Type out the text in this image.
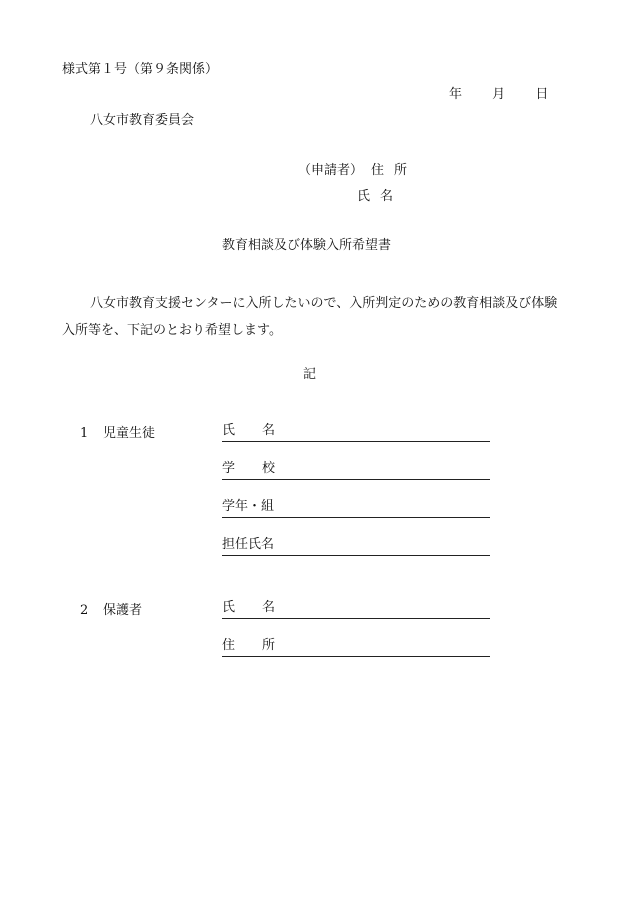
様式第１号（第９条関係）
年 月 日
八女市教育委員会
（申請者） 住所
氏名
教育相談及び体験入所希望書

八女市教育支援センターに入所したいので、入所判定のための教育相談及び体験入所等を、下記のとおり希望します。

記
1 児童生徒	氏名
学校
学年・組
担任氏名
2 保護者	氏名
住所
